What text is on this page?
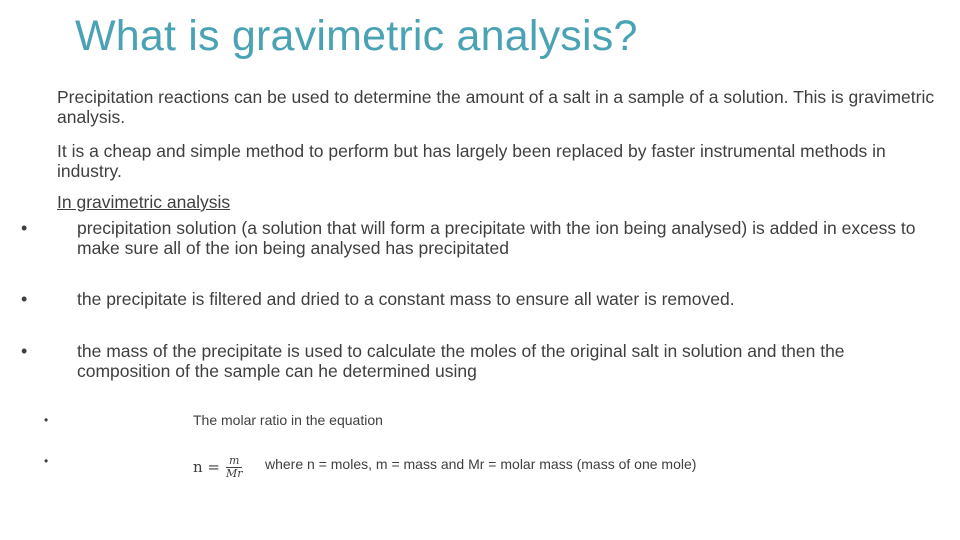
What is gravimetric analysis?
Precipitation reactions can be used to determine the amount of a salt in a sample of a solution. This is gravimetric analysis.
It is a cheap and simple method to perform but has largely been replaced by faster instrumental methods in industry.
In gravimetric analysis
•	precipitation solution (a solution that will form a precipitate with the ion being analysed) is added in excess to make sure all of the ion being analysed has precipitated
•	the precipitate is filtered and dried to a constant mass to ensure all water is removed.
•	the mass of the precipitate is used to calculate the moles of the original salt in solution and then the composition of the sample can he determined using
•	The molar ratio in the equation
•	$n = \frac{m}{Mr}$ where n = moles, m = mass and Mr = molar mass (mass of one mole)
